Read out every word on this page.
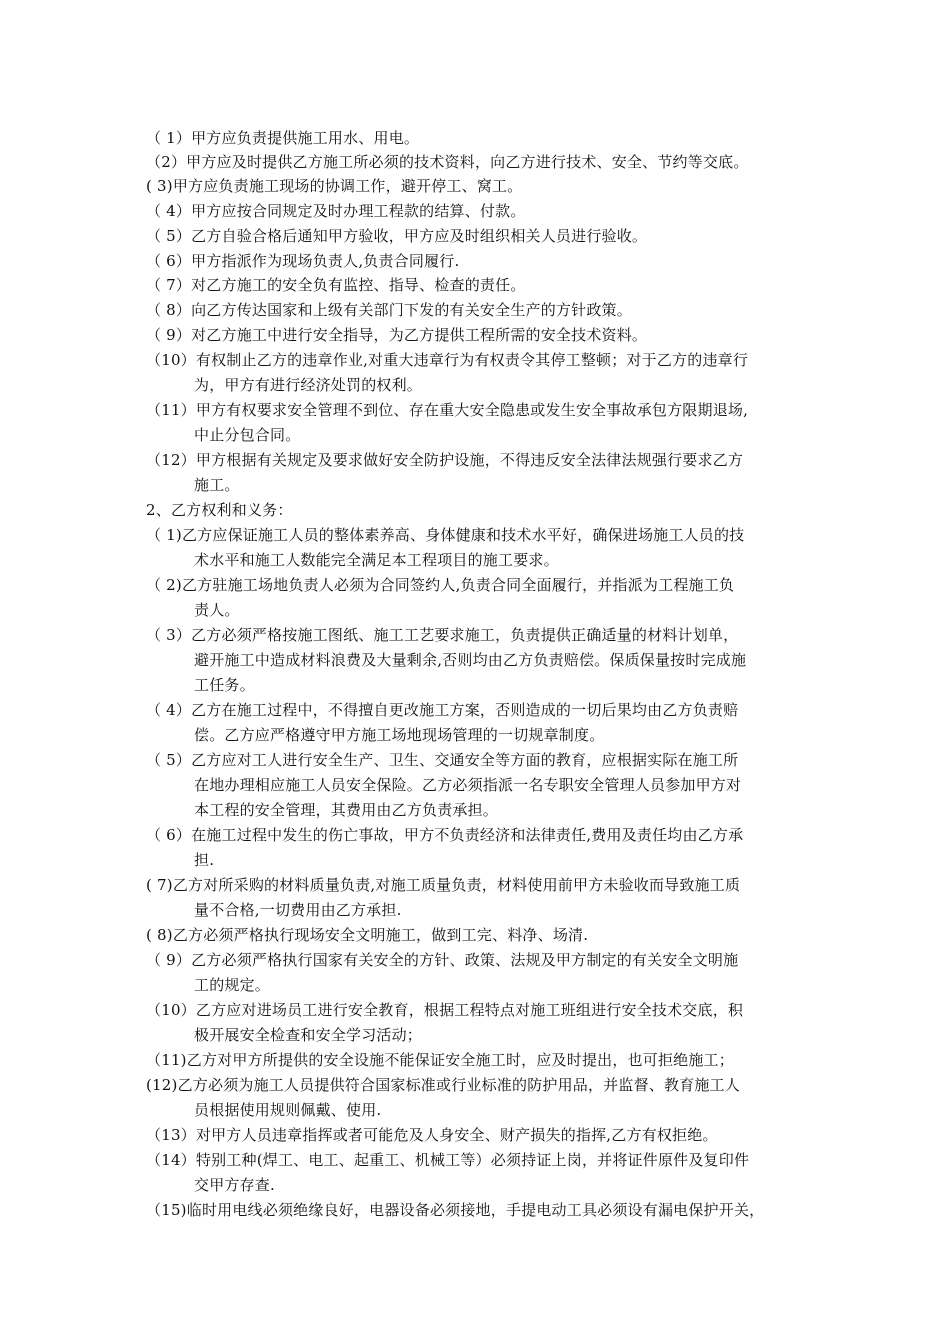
（ 1）甲方应负责提供施工用水、用电。
（2）甲方应及时提供乙方施工所必须的技术资料，向乙方进行技术、安全、节约等交底。
( 3)甲方应负责施工现场的协调工作，避开停工、窝工。
（ 4）甲方应按合同规定及时办理工程款的结算、付款。
（ 5）乙方自验合格后通知甲方验收，甲方应及时组织相关人员进行验收。
（ 6）甲方指派作为现场负责人,负责合同履行.
（ 7）对乙方施工的安全负有监控、指导、检查的责任。
（ 8）向乙方传达国家和上级有关部门下发的有关安全生产的方针政策。
（ 9）对乙方施工中进行安全指导，为乙方提供工程所需的安全技术资料。
（10）有权制止乙方的违章作业,对重大违章行为有权责令其停工整顿；对于乙方的违章行
为，甲方有进行经济处罚的权利。
（11）甲方有权要求安全管理不到位、存在重大安全隐患或发生安全事故承包方限期退场,
中止分包合同。
（12）甲方根据有关规定及要求做好安全防护设施，不得违反安全法律法规强行要求乙方
施工。
2、乙方权利和义务：
（ 1)乙方应保证施工人员的整体素养高、身体健康和技术水平好，确保进场施工人员的技
术水平和施工人数能完全满足本工程项目的施工要求。
（ 2)乙方驻施工场地负责人必须为合同签约人,负责合同全面履行，并指派为工程施工负
责人。
（ 3）乙方必须严格按施工图纸、施工工艺要求施工，负责提供正确适量的材料计划单，
避开施工中造成材料浪费及大量剩余,否则均由乙方负责赔偿。保质保量按时完成施
工任务。
（ 4）乙方在施工过程中，不得擅自更改施工方案，否则造成的一切后果均由乙方负责赔
偿。乙方应严格遵守甲方施工场地现场管理的一切规章制度。
（ 5）乙方应对工人进行安全生产、卫生、交通安全等方面的教育，应根据实际在施工所
在地办理相应施工人员安全保险。乙方必须指派一名专职安全管理人员参加甲方对
本工程的安全管理，其费用由乙方负责承担。
（ 6）在施工过程中发生的伤亡事故，甲方不负责经济和法律责任,费用及责任均由乙方承
担.
( 7)乙方对所采购的材料质量负责,对施工质量负责，材料使用前甲方未验收而导致施工质
量不合格,一切费用由乙方承担.
( 8)乙方必须严格执行现场安全文明施工，做到工完、料净、场清.
（ 9）乙方必须严格执行国家有关安全的方针、政策、法规及甲方制定的有关安全文明施
工的规定。
（10）乙方应对进场员工进行安全教育，根据工程特点对施工班组进行安全技术交底，积
极开展安全检查和安全学习活动；
（11)乙方对甲方所提供的安全设施不能保证安全施工时，应及时提出，也可拒绝施工；
(12)乙方必须为施工人员提供符合国家标准或行业标准的防护用品，并监督、教育施工人
员根据使用规则佩戴、使用.
（13）对甲方人员违章指挥或者可能危及人身安全、财产损失的指挥,乙方有权拒绝。
（14）特别工种(焊工、电工、起重工、机械工等）必须持证上岗，并将证件原件及复印件
交甲方存查.
（15)临时用电线必须绝缘良好，电器设备必须接地，手提电动工具必须设有漏电保护开关，
